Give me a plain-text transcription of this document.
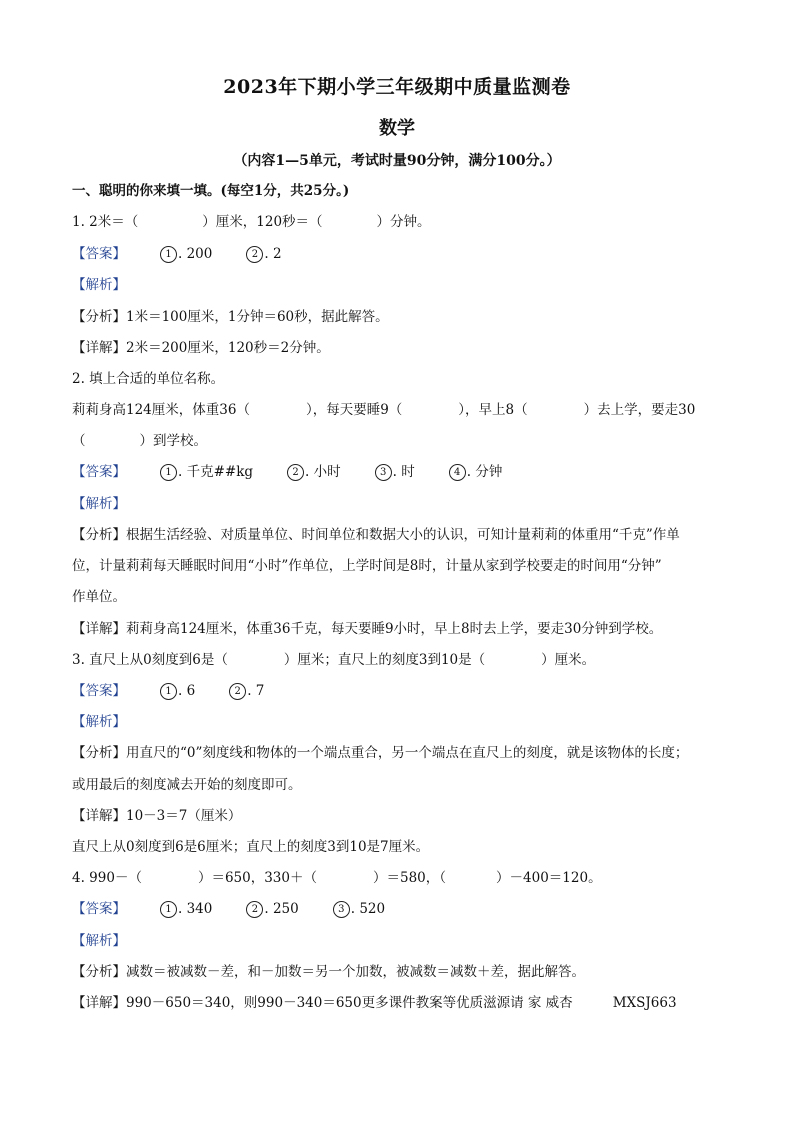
2023年下期小学三年级期中质量监测卷
数学
（内容1—5单元，考试时量90分钟，满分100分。）
一、聪明的你来填一填。(每空1分，共25分。)
1. 2米＝（	）厘米，120秒＝（	）分钟。
【答案】	1 . 200	2 . 2
【解析】
【分析】1米＝100厘米，1分钟＝60秒，据此解答。
【详解】2米＝200厘米，120秒＝2分钟。
2. 填上合适的单位名称。
莉莉身高124厘米，体重36（	），每天要睡9（	），早上8（	）去上学，要走30
（	）到学校。
【答案】	1 . 千克##kg	2 . 小时	3 . 时	4 . 分钟
【解析】
【分析】根据生活经验、对质量单位、时间单位和数据大小的认识，可知计量莉莉的体重用“千克”作单
位，计量莉莉每天睡眠时间用“小时”作单位，上学时间是8时，计量从家到学校要走的时间用“分钟”
作单位。
【详解】莉莉身高124厘米，体重36千克，每天要睡9小时，早上8时去上学，要走30分钟到学校。
3. 直尺上从0刻度到6是（	）厘米；直尺上的刻度3到10是（	）厘米。
【答案】	1 . 6	2 . 7
【解析】
【分析】用直尺的“0”刻度线和物体的一个端点重合，另一个端点在直尺上的刻度，就是该物体的长度；
或用最后的刻度减去开始的刻度即可。
【详解】10－3＝7（厘米）
直尺上从0刻度到6是6厘米；直尺上的刻度3到10是7厘米。
4. 990－（	）＝650，330＋（	）＝580，（	）－400＝120。
【答案】	1 . 340	2 . 250	3 . 520
【解析】
【分析】减数＝被减数－差，和－加数＝另一个加数，被减数＝减数＋差，据此解答。
【详解】990－650＝340，则990－340＝650更多课件教案等优质滋源请 家 威杏	MXSJ663
